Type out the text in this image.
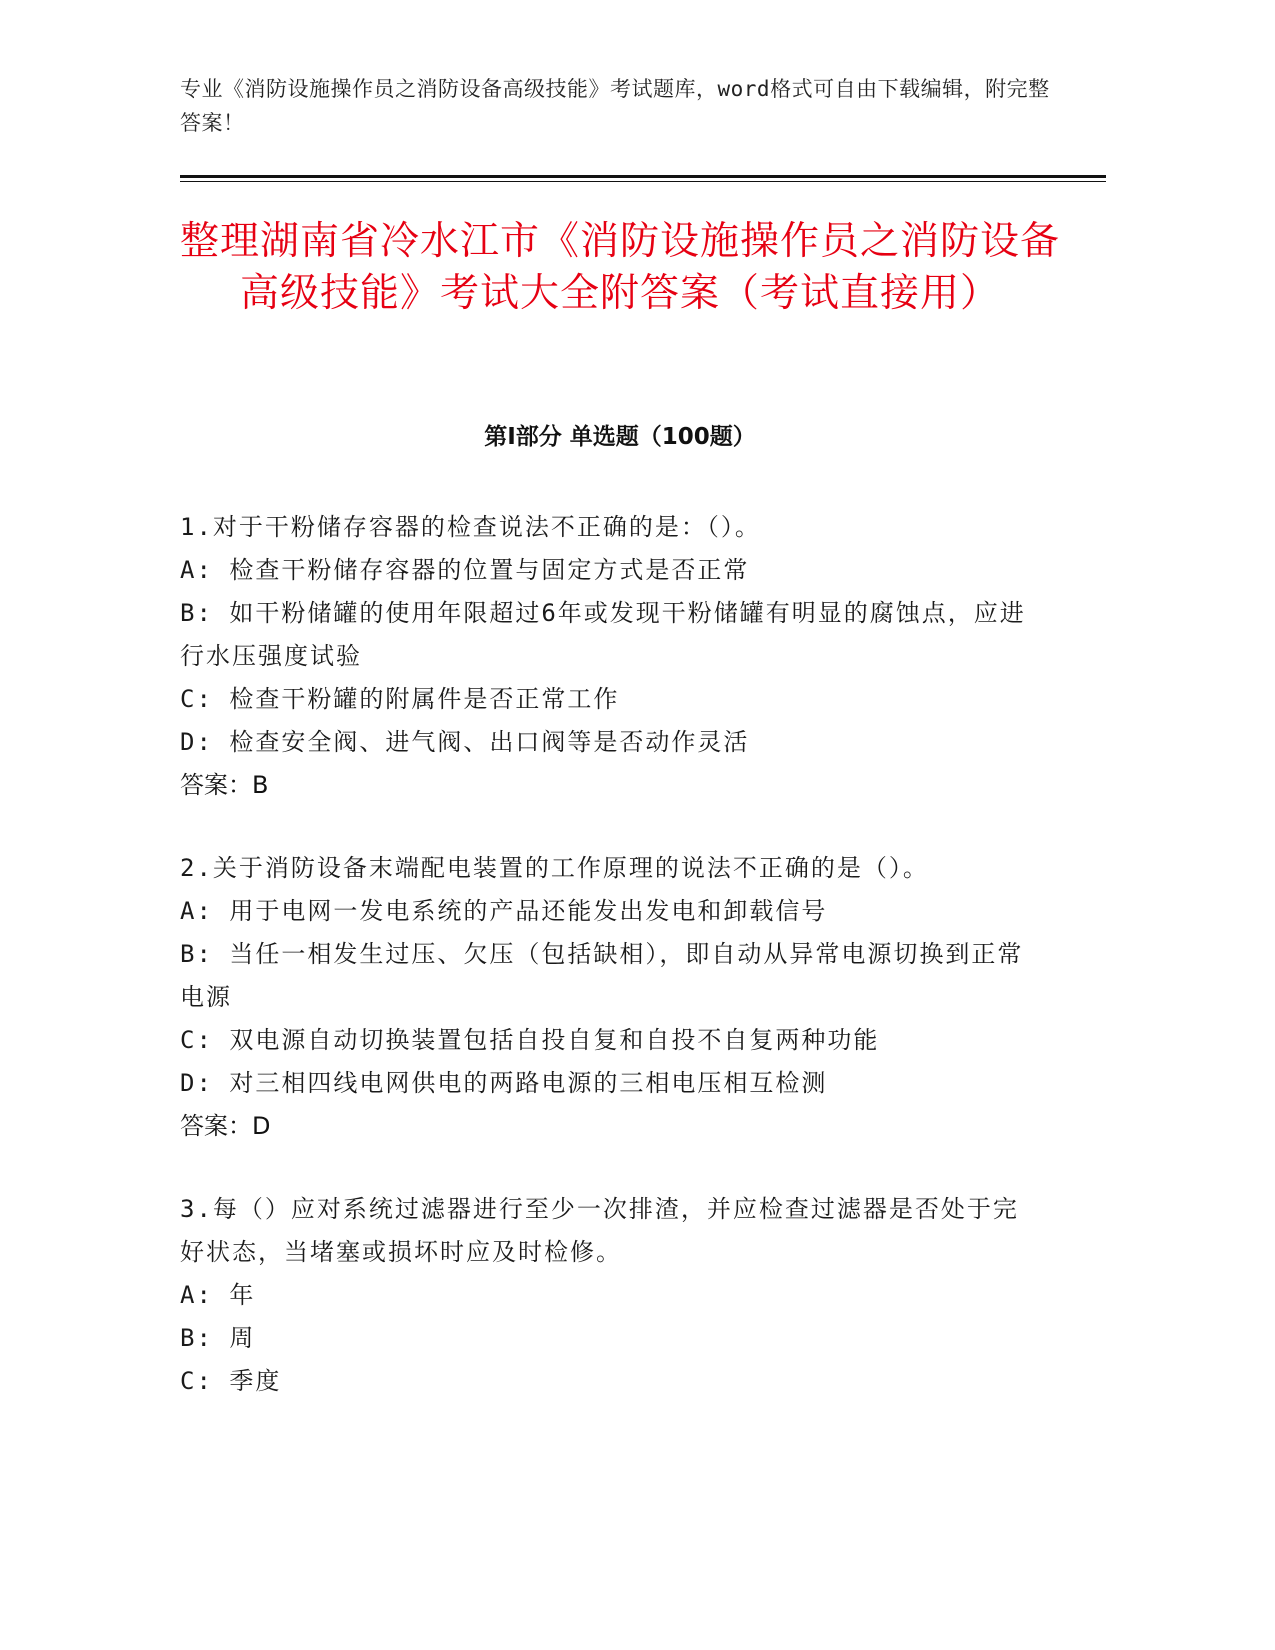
专业《消防设施操作员之消防设备高级技能》考试题库，word格式可自由下载编辑，附完整答案！
整理湖南省冷水江市《消防设施操作员之消防设备高级技能》考试大全附答案（考试直接用）
第Ⅰ部分 单选题（100题）
1.对于干粉储存容器的检查说法不正确的是：（）。
A: 检查干粉储存容器的位置与固定方式是否正常
B: 如干粉储罐的使用年限超过6年或发现干粉储罐有明显的腐蚀点，应进行水压强度试验
C: 检查干粉罐的附属件是否正常工作
D: 检查安全阀、进气阀、出口阀等是否动作灵活
答案：B
2.关于消防设备末端配电装置的工作原理的说法不正确的是（）。
A: 用于电网一发电系统的产品还能发出发电和卸载信号
B: 当任一相发生过压、欠压（包括缺相），即自动从异常电源切换到正常电源
C: 双电源自动切换装置包括自投自复和自投不自复两种功能
D: 对三相四线电网供电的两路电源的三相电压相互检测
答案：D
3.每（）应对系统过滤器进行至少一次排渣，并应检查过滤器是否处于完好状态，当堵塞或损坏时应及时检修。
A: 年
B: 周
C: 季度
